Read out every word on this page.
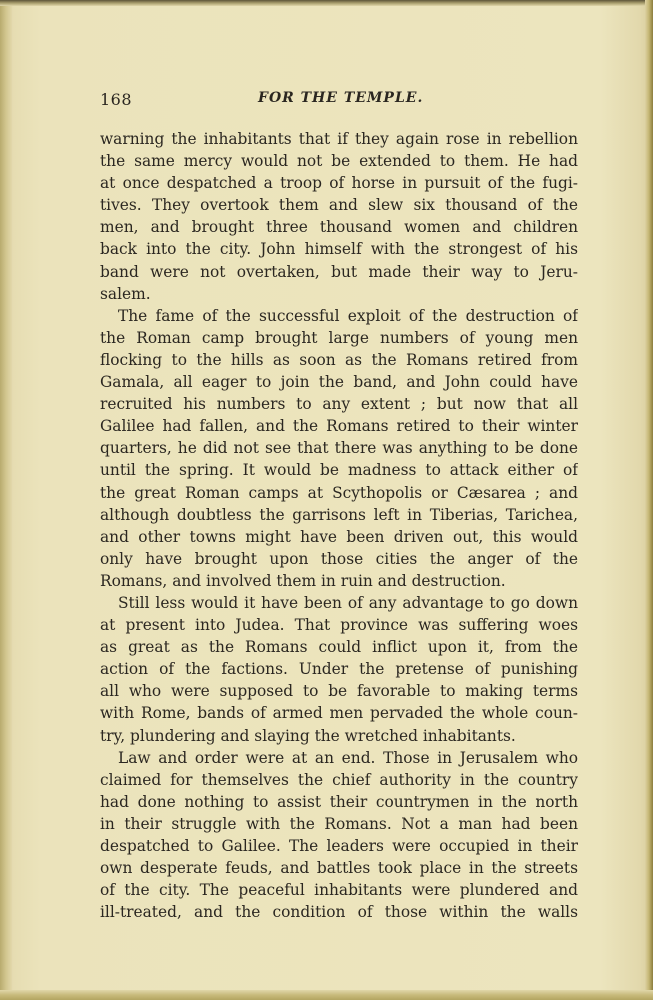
168	FOR THE TEMPLE.
warning the inhabitants that if they again rose in rebellion
the same mercy would not be extended to them. He had
at once despatched a troop of horse in pursuit of the fugi-
tives. They overtook them and slew six thousand of the
men, and brought three thousand women and children
back into the city. John himself with the strongest of his
band were not overtaken, but made their way to Jeru-
salem.
The fame of the successful exploit of the destruction of
the Roman camp brought large numbers of young men
flocking to the hills as soon as the Romans retired from
Gamala, all eager to join the band, and John could have
recruited his numbers to any extent ; but now that all
Galilee had fallen, and the Romans retired to their winter
quarters, he did not see that there was anything to be done
until the spring. It would be madness to attack either of
the great Roman camps at Scythopolis or Cæsarea ; and
although doubtless the garrisons left in Tiberias, Tarichea,
and other towns might have been driven out, this would
only have brought upon those cities the anger of the
Romans, and involved them in ruin and destruction.
Still less would it have been of any advantage to go down
at present into Judea. That province was suffering woes
as great as the Romans could inflict upon it, from the
action of the factions. Under the pretense of punishing
all who were supposed to be favorable to making terms
with Rome, bands of armed men pervaded the whole coun-
try, plundering and slaying the wretched inhabitants.
Law and order were at an end. Those in Jerusalem who
claimed for themselves the chief authority in the country
had done nothing to assist their countrymen in the north
in their struggle with the Romans. Not a man had been
despatched to Galilee. The leaders were occupied in their
own desperate feuds, and battles took place in the streets
of the city. The peaceful inhabitants were plundered and
ill-treated, and the condition of those within the walls
